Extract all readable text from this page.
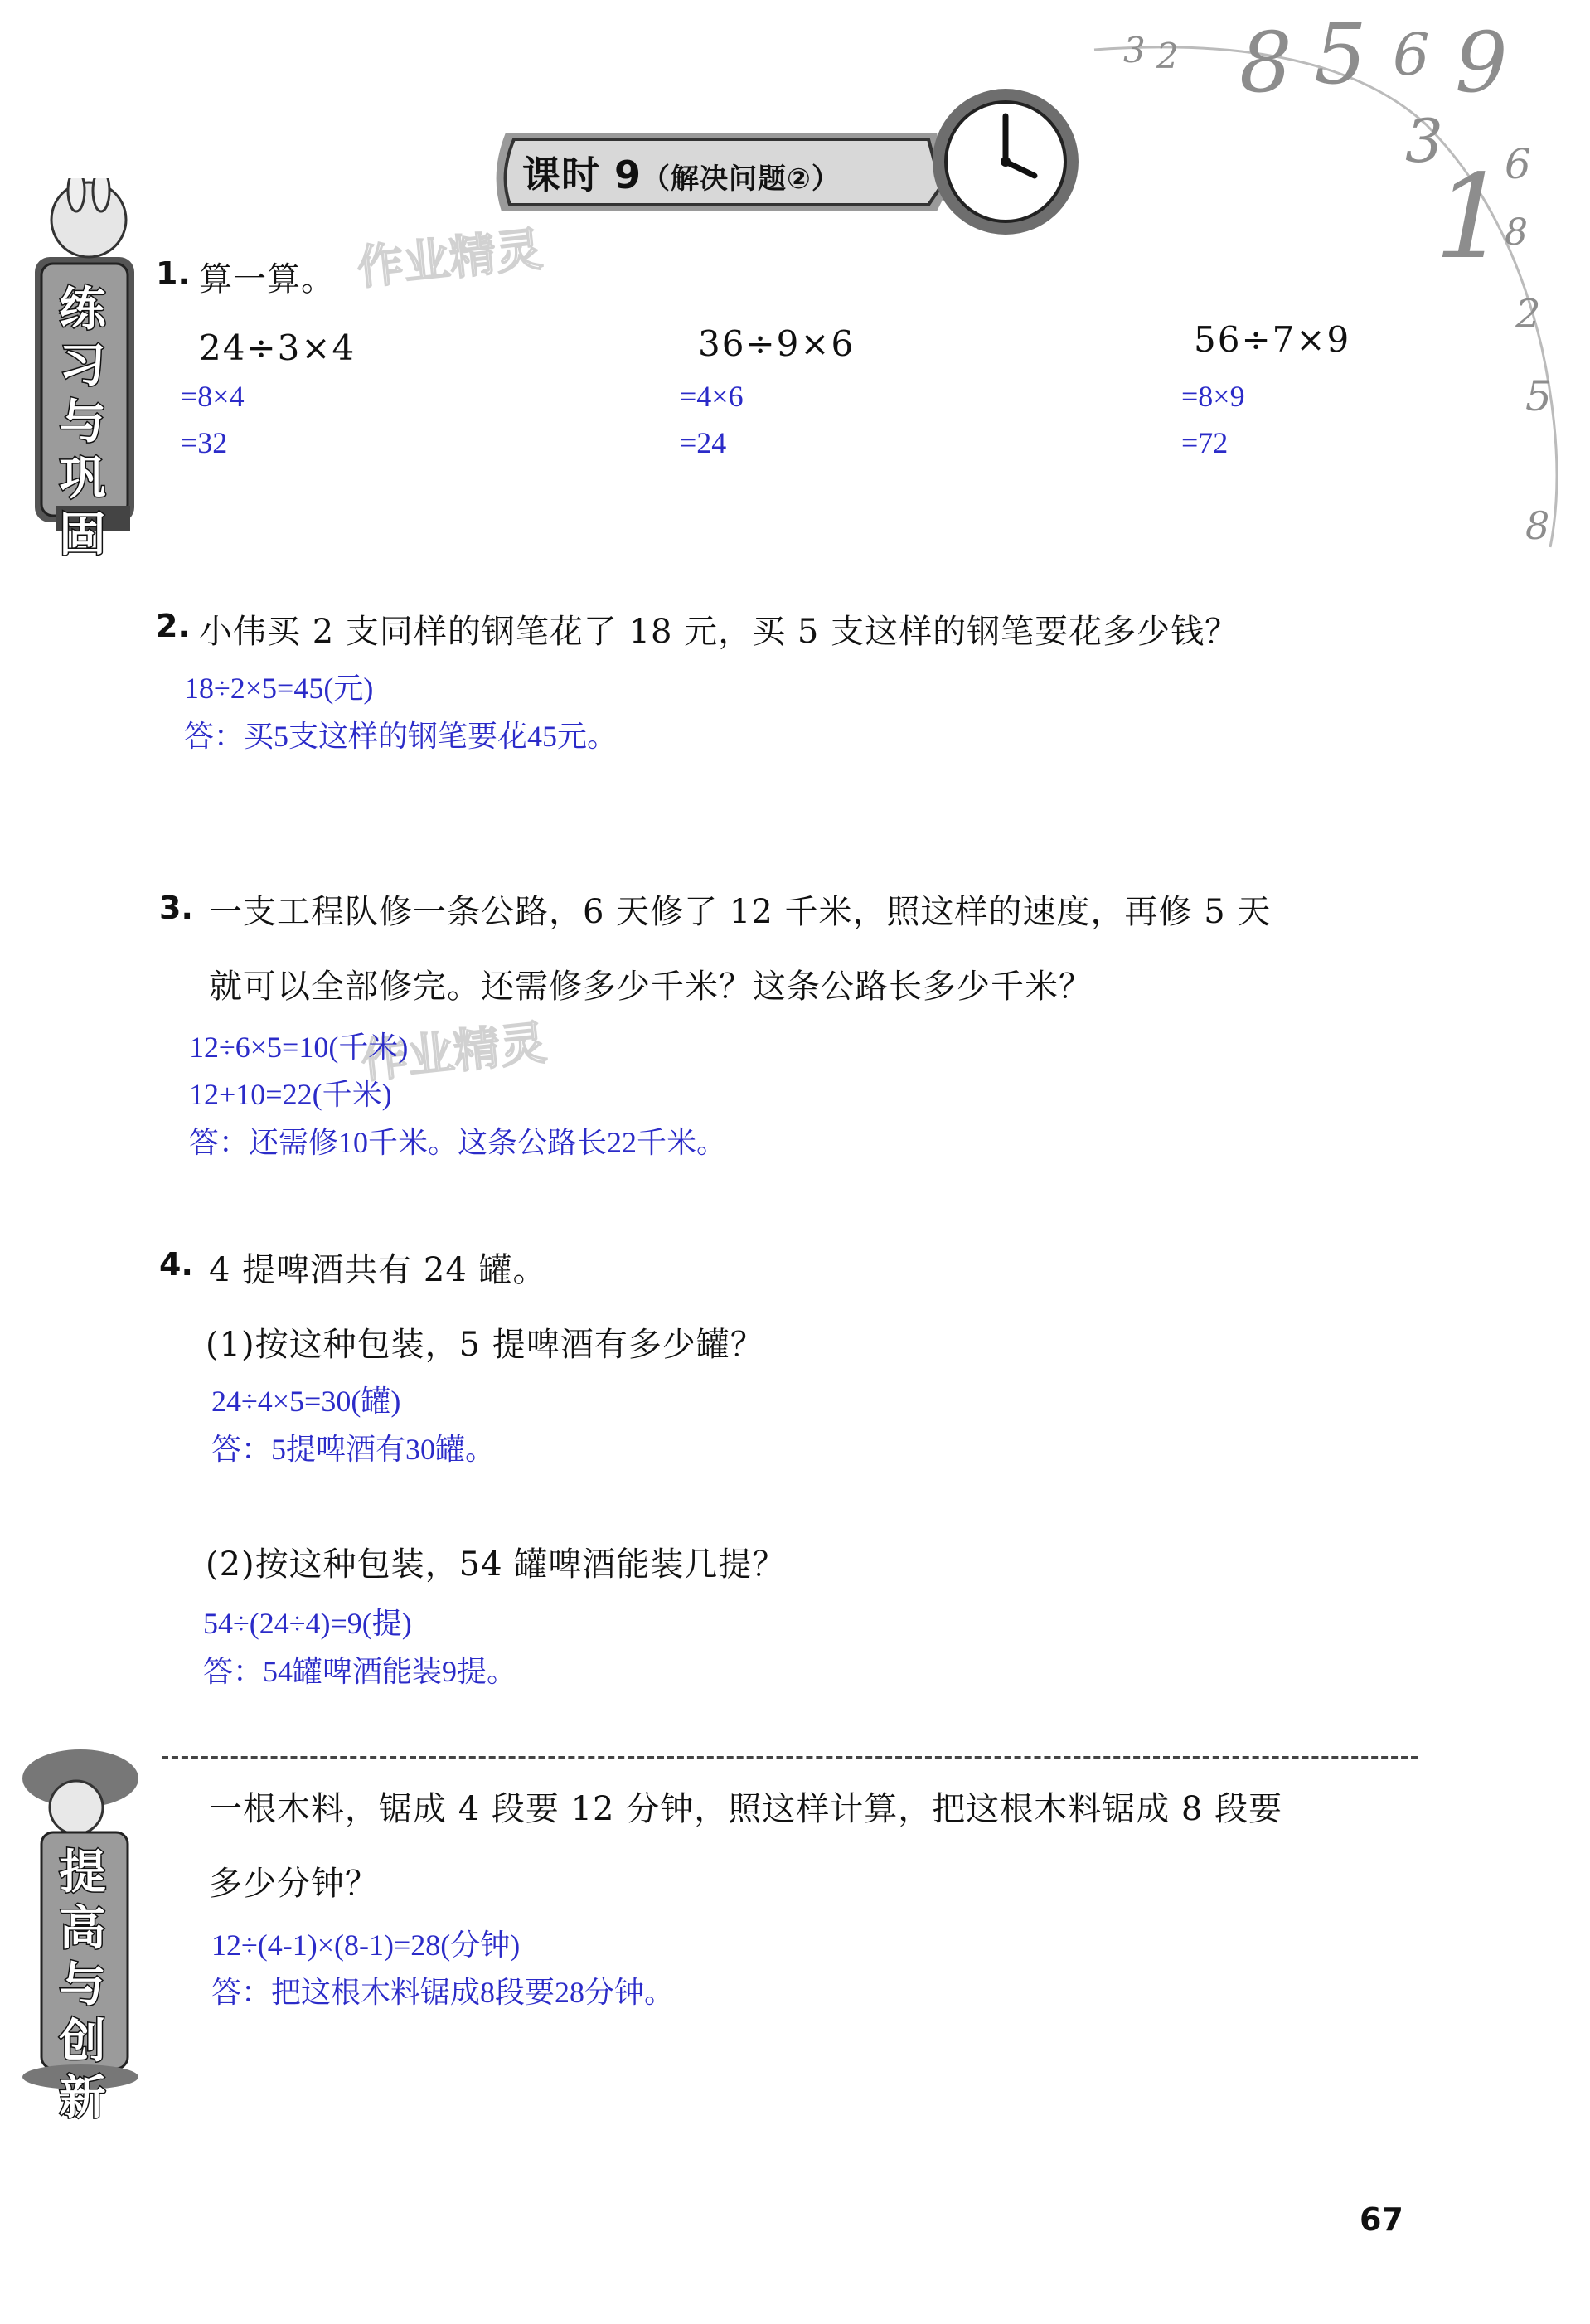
3 2 8 5 6 9
3 6
1
8
2
5
8
课时 9（解决问题②）
练习与巩固
提高与创新
作业精灵
作业精灵
1. 算一算。
24÷3×4
=8×4
=32
36÷9×6
=4×6
=24
56÷7×9
=8×9
=72
2. 小伟买 2 支同样的钢笔花了 18 元，买 5 支这样的钢笔要花多少钱？
18÷2×5=45(元)
答：买5支这样的钢笔要花45元。
3. 一支工程队修一条公路，6 天修了 12 千米，照这样的速度，再修 5 天
就可以全部修完。还需修多少千米？这条公路长多少千米？
12÷6×5=10(千米)
12+10=22(千米)
答：还需修10千米。这条公路长22千米。
4. 4 提啤酒共有 24 罐。
(1)按这种包装，5 提啤酒有多少罐？
24÷4×5=30(罐)
答：5提啤酒有30罐。
(2)按这种包装，54 罐啤酒能装几提？
54÷(24÷4)=9(提)
答：54罐啤酒能装9提。
一根木料，锯成 4 段要 12 分钟，照这样计算，把这根木料锯成 8 段要
多少分钟？
12÷(4-1)×(8-1)=28(分钟)
答：把这根木料锯成8段要28分钟。
67
